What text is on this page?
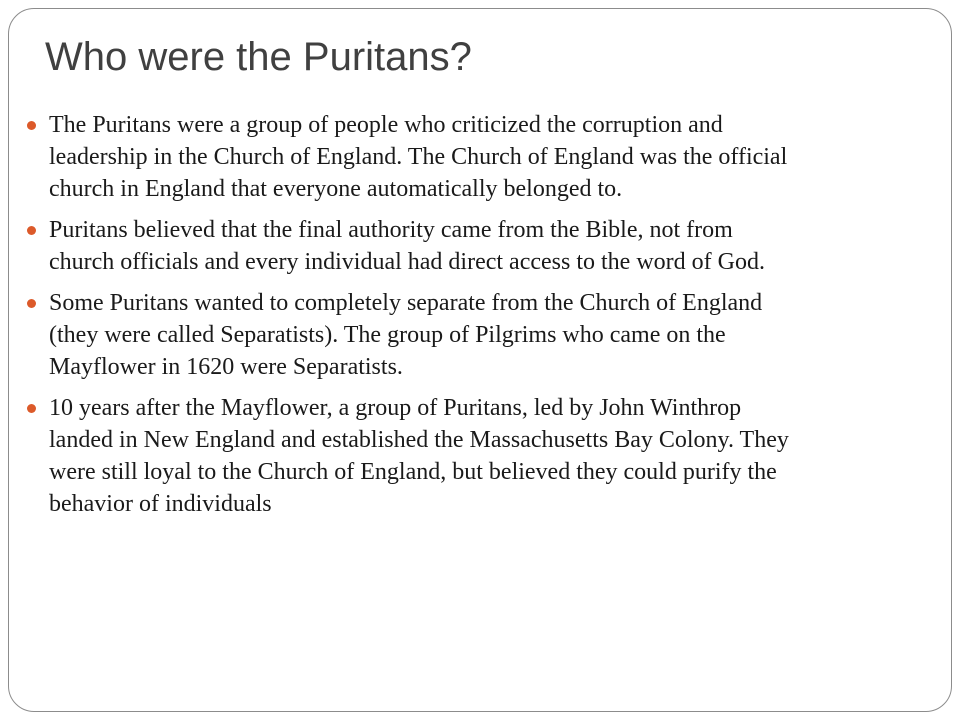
Who were the Puritans?
The Puritans were a group of people who criticized the corruption and leadership in the Church of England. The Church of England was the official church in England that everyone automatically belonged to.
Puritans believed that the final authority came from the Bible, not from church officials and every individual had direct access to the word of God.
Some Puritans wanted to completely separate from the Church of England (they were called Separatists). The group of Pilgrims who came on the Mayflower in 1620 were Separatists.
10 years after the Mayflower, a group of Puritans, led by John Winthrop landed in New England and established the Massachusetts Bay Colony. They were still loyal to the Church of England, but believed they could purify the behavior of individuals
